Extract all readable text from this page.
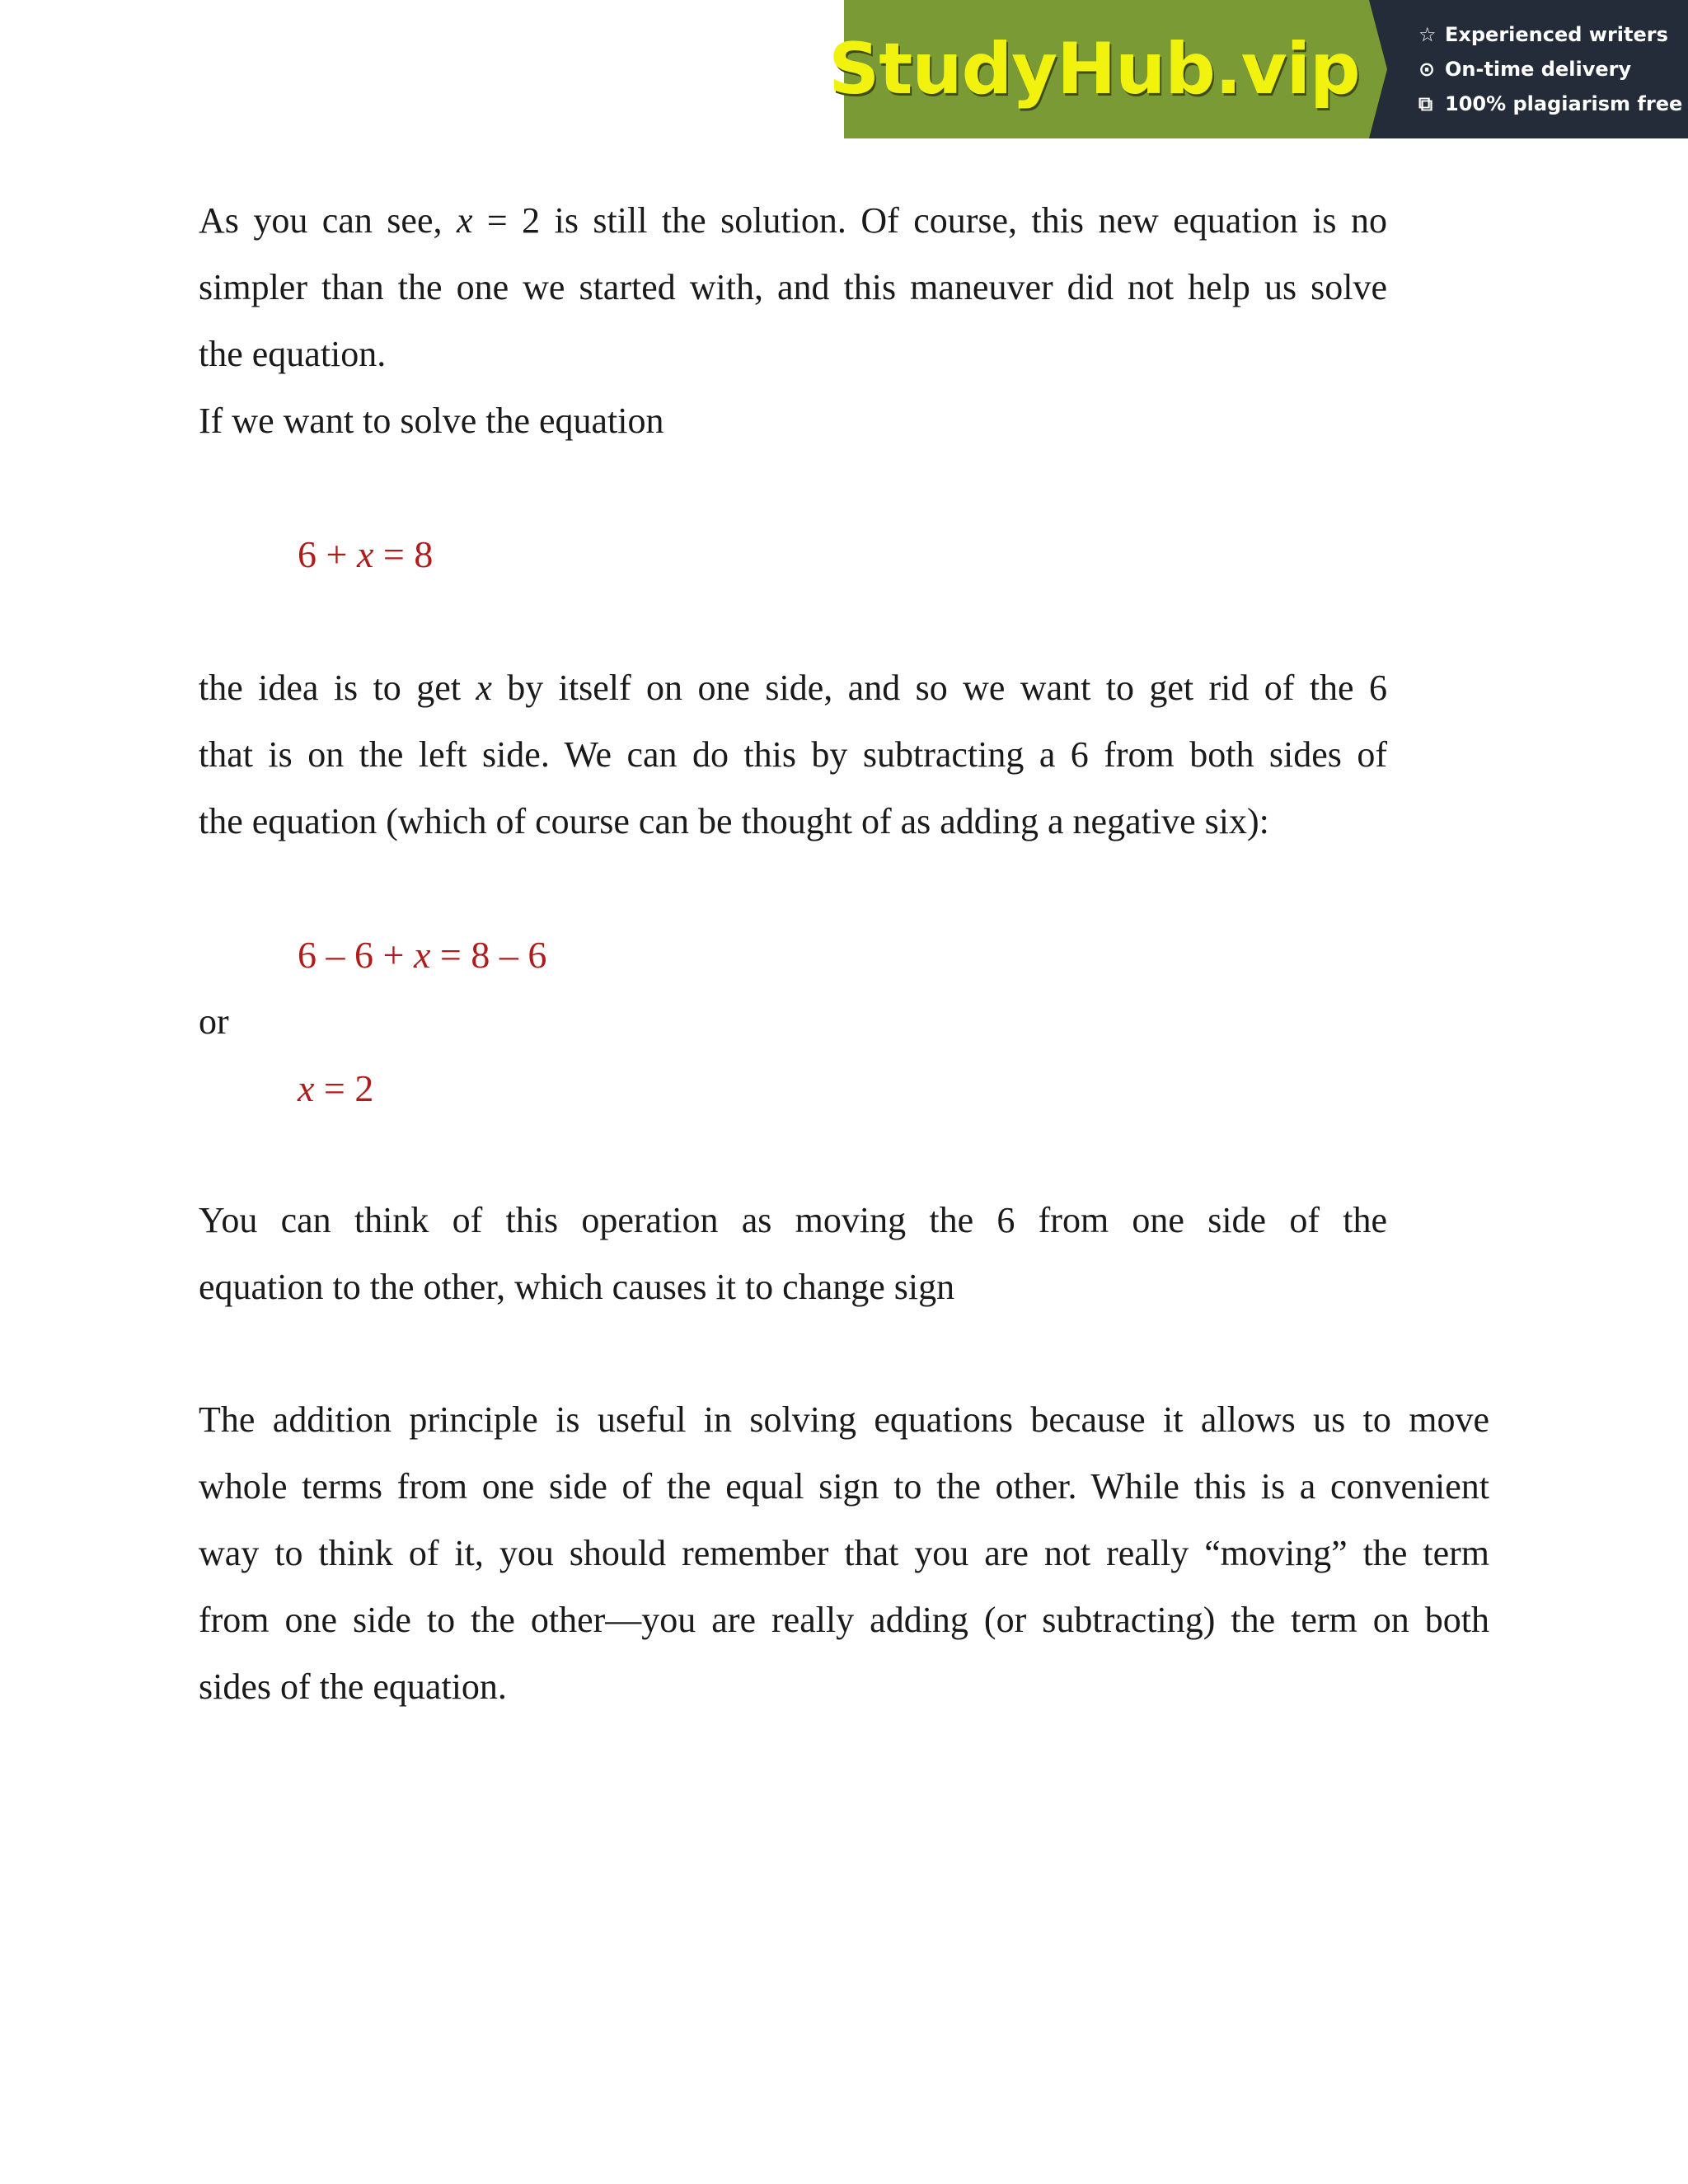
StudyHub.vip	☆ Experienced writers
⊙ On-time delivery
⧉ 100% plagiarism free
As you can see, x = 2 is still the solution. Of course, this new equation is no
simpler than the one we started with, and this maneuver did not help us solve
the equation.
If we want to solve the equation
6 + x = 8
the idea is to get x by itself on one side, and so we want to get rid of the 6
that is on the left side. We can do this by subtracting a 6 from both sides of
the equation (which of course can be thought of as adding a negative six):
6 – 6 + x = 8 – 6
or
x = 2
You can think of this operation as moving the 6 from one side of the
equation to the other, which causes it to change sign
The addition principle is useful in solving equations because it allows us to move
whole terms from one side of the equal sign to the other. While this is a convenient
way to think of it, you should remember that you are not really “moving” the term
from one side to the other—you are really adding (or subtracting) the term on both
sides of the equation.
